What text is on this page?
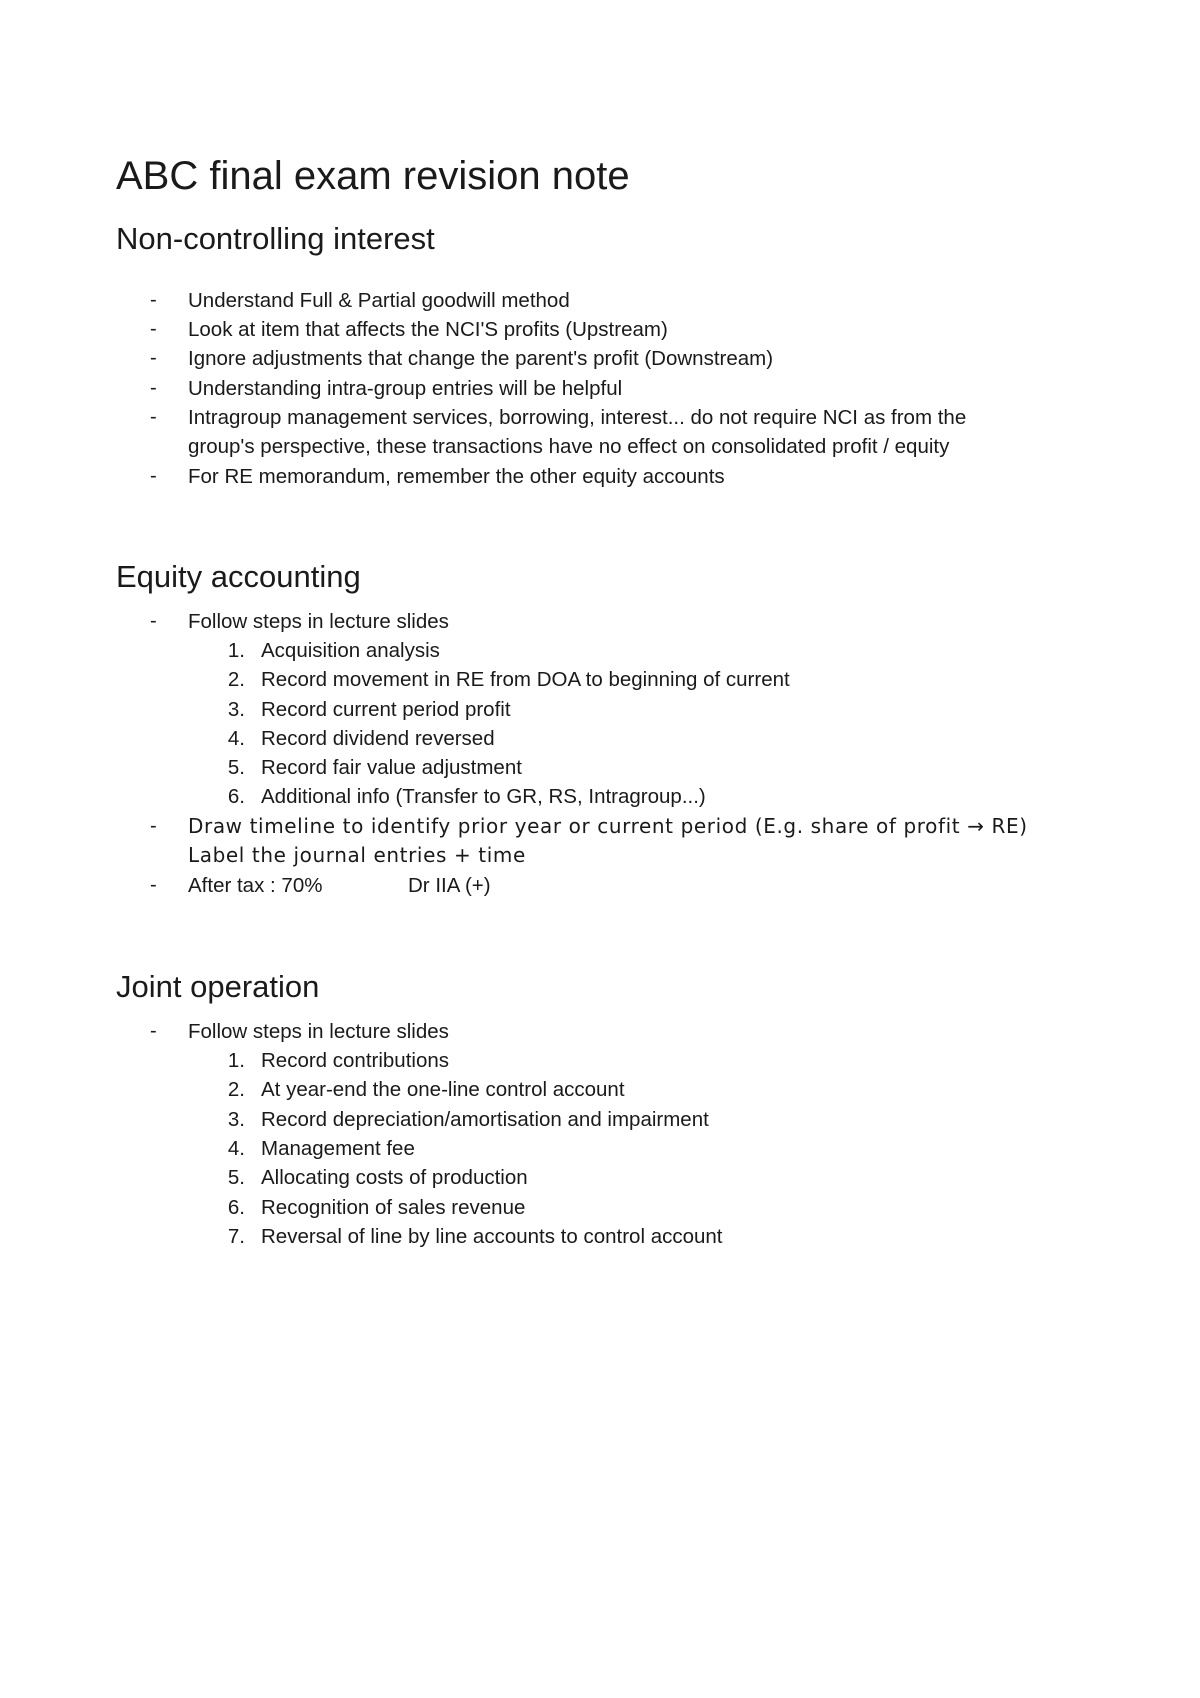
ABC final exam revision note
Non-controlling interest
- Understand Full & Partial goodwill method
- Look at item that affects the NCI'S profits (Upstream)
- Ignore adjustments that change the parent's profit (Downstream)
- Understanding intra-group entries will be helpful
- Intragroup management services, borrowing, interest... do not require NCI as from the
group's perspective, these transactions have no effect on consolidated profit / equity
- For RE memorandum, remember the other equity accounts
Equity accounting
- Follow steps in lecture slides
1. Acquisition analysis
2. Record movement in RE from DOA to beginning of current
3. Record current period profit
4. Record dividend reversed
5. Record fair value adjustment
6. Additional info (Transfer to GR, RS, Intragroup...)
- Draw timeline to identify prior year or current period (E.g. share of profit → RE)
Label the journal entries + time
- After tax : 70%	Dr IIA (+)
Joint operation
- Follow steps in lecture slides
1. Record contributions
2. At year-end the one-line control account
3. Record depreciation/amortisation and impairment
4. Management fee
5. Allocating costs of production
6. Recognition of sales revenue
7. Reversal of line by line accounts to control account
